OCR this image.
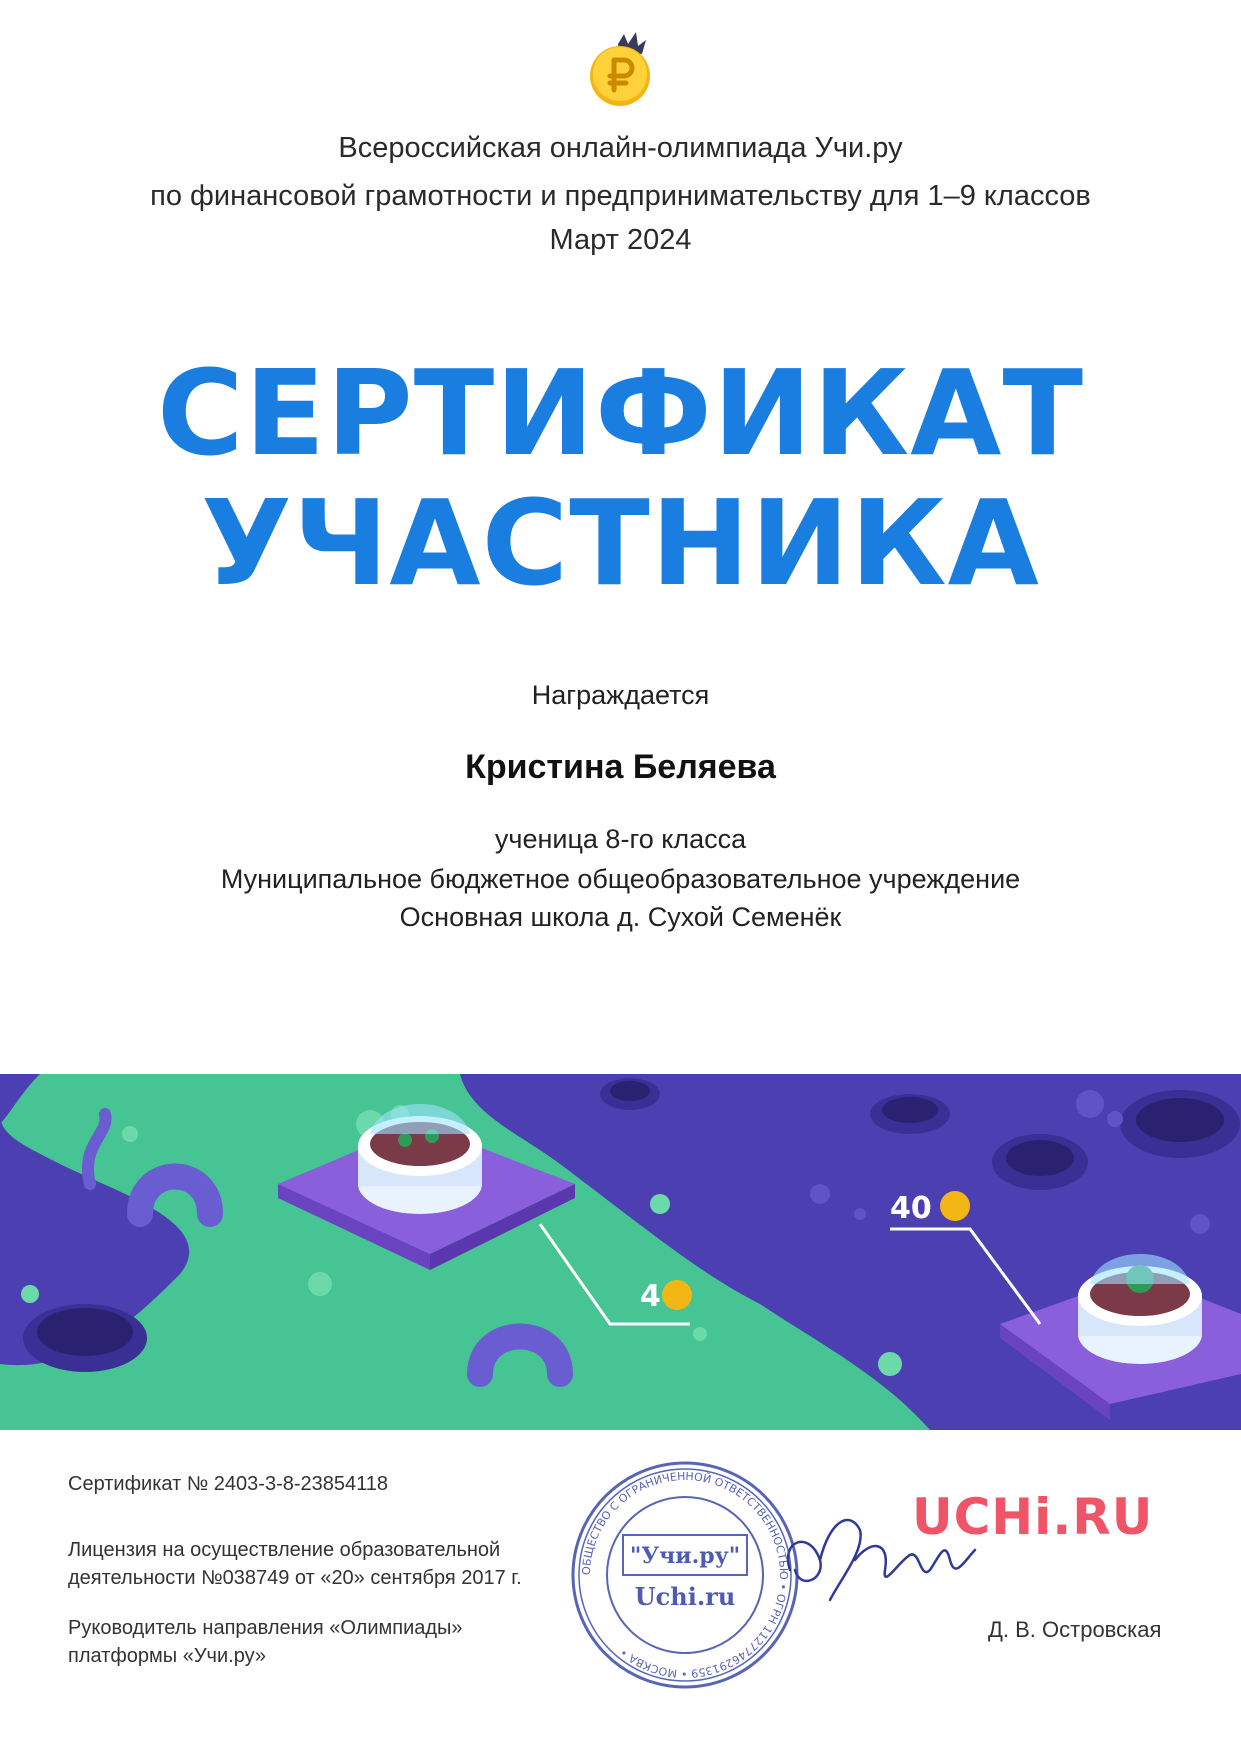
Всероссийская онлайн-олимпиада Учи.ру
по финансовой грамотности и предпринимательству для 1–9 классов
Март 2024
СЕРТИФИКАТ
УЧАСТНИКА
Награждается
Кристина Беляева
ученица 8-го класса
Муниципальное бюджетное общеобразовательное учреждение
Основная школа д. Сухой Семенёк
4
40
Сертификат № 2403-3-8-23854118
Лицензия на осуществление образовательной
деятельности №038749 от «20» сентября 2017 г.
Руководитель направления «Олимпиады»
платформы «Учи.ру»
ОБЩЕСТВО С ОГРАНИЧЕННОЙ ОТВЕТСТВЕННОСТЬЮ • ОГРН 1127746291359 • МОСКВА •
"Учи.ру"
Uchi.ru
UCHi.RU
Д. В. Островская
